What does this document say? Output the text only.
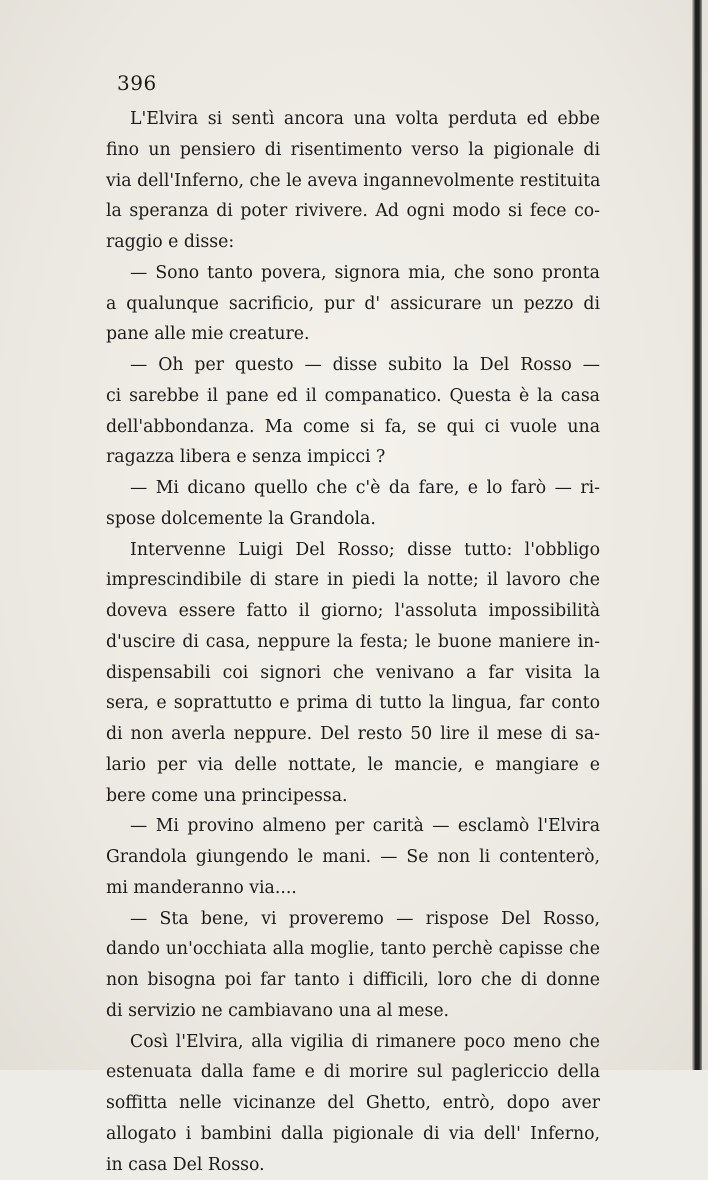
396
L'Elvira si sentì ancora una volta perduta ed ebbe
fino un pensiero di risentimento verso la pigionale di
via dell'Inferno, che le aveva ingannevolmente restituita
la speranza di poter rivivere. Ad ogni modo si fece co-
raggio e disse:
— Sono tanto povera, signora mia, che sono pronta
a qualunque sacrificio, pur d' assicurare un pezzo di
pane alle mie creature.
— Oh per questo — disse subito la Del Rosso —
ci sarebbe il pane ed il companatico. Questa è la casa
dell'abbondanza. Ma come si fa, se qui ci vuole una
ragazza libera e senza impicci ?
— Mi dicano quello che c'è da fare, e lo farò — ri-
spose dolcemente la Grandola.
Intervenne Luigi Del Rosso; disse tutto: l'obbligo
imprescindibile di stare in piedi la notte; il lavoro che
doveva essere fatto il giorno; l'assoluta impossibilità
d'uscire di casa, neppure la festa; le buone maniere in-
dispensabili coi signori che venivano a far visita la
sera, e soprattutto e prima di tutto la lingua, far conto
di non averla neppure. Del resto 50 lire il mese di sa-
lario per via delle nottate, le mancie, e mangiare e
bere come una principessa.
— Mi provino almeno per carità — esclamò l'Elvira
Grandola giungendo le mani. — Se non li contenterò,
mi manderanno via....
— Sta bene, vi proveremo — rispose Del Rosso,
dando un'occhiata alla moglie, tanto perchè capisse che
non bisogna poi far tanto i difficili, loro che di donne
di servizio ne cambiavano una al mese.
Così l'Elvira, alla vigilia di rimanere poco meno che
estenuata dalla fame e di morire sul paglericcio della
soffitta nelle vicinanze del Ghetto, entrò, dopo aver
allogato i bambini dalla pigionale di via dell' Inferno,
in casa Del Rosso.
